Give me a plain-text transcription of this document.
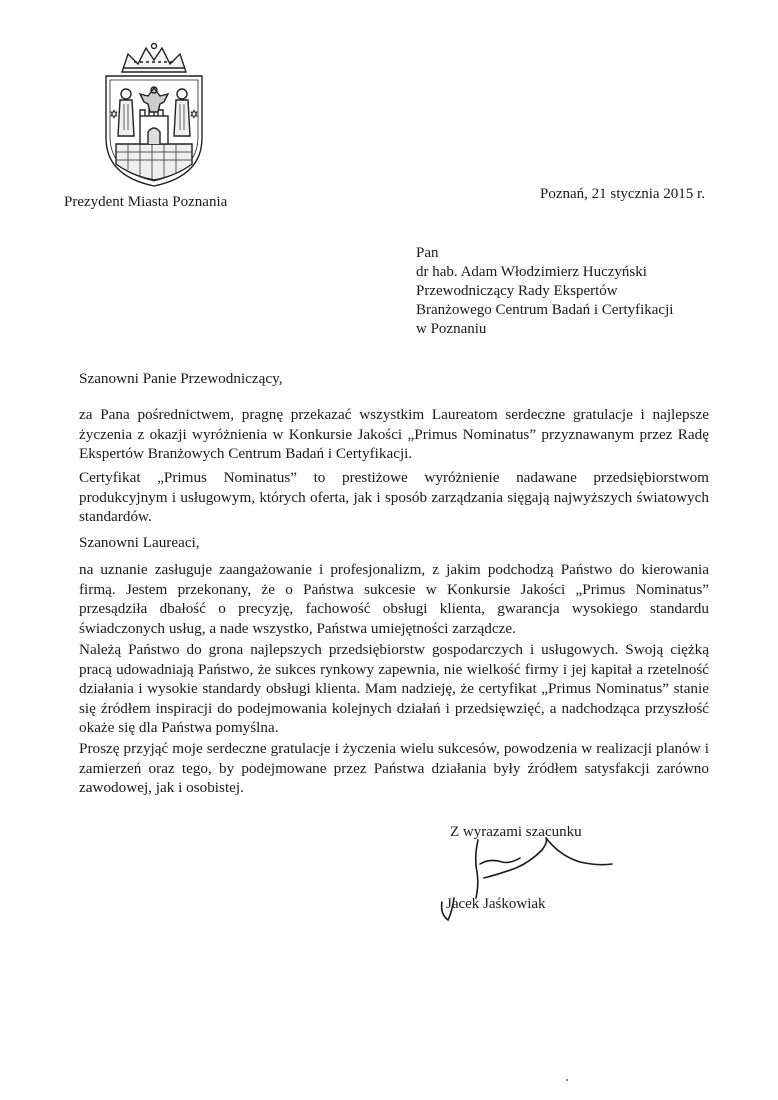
Prezydent Miasta Poznania	Poznań, 21 stycznia 2015 r.
Pan
dr hab. Adam Włodzimierz Huczyński
Przewodniczący Rady Ekspertów
Branżowego Centrum Badań i Certyfikacji
w Poznaniu
Szanowni Panie Przewodniczący,
za Pana pośrednictwem, pragnę przekazać wszystkim Laureatom serdeczne gratulacje i najlepsze życzenia z okazji wyróżnienia w Konkursie Jakości „Primus Nominatus” przyznawanym przez Radę Ekspertów Branżowych Centrum Badań i Certyfikacji.
Certyfikat „Primus Nominatus” to prestiżowe wyróżnienie nadawane przedsiębiorstwom produkcyjnym i usługowym, których oferta, jak i sposób zarządzania sięgają najwyższych światowych standardów.
Szanowni Laureaci,
na uznanie zasługuje zaangażowanie i profesjonalizm, z jakim podchodzą Państwo do kierowania firmą. Jestem przekonany, że o Państwa sukcesie w Konkursie Jakości „Primus Nominatus” przesądziła dbałość o precyzję, fachowość obsługi klienta, gwarancja wysokiego standardu świadczonych usług, a nade wszystko, Państwa umiejętności zarządcze.
Należą Państwo do grona najlepszych przedsiębiorstw gospodarczych i usługowych. Swoją ciężką pracą udowadniają Państwo, że sukces rynkowy zapewnia, nie wielkość firmy i jej kapitał a rzetelność działania i wysokie standardy obsługi klienta. Mam nadzieję, że certyfikat „Primus Nominatus” stanie się źródłem inspiracji do podejmowania kolejnych działań i przedsięwzięć, a nadchodząca przyszłość okaże się dla Państwa pomyślna.
Proszę przyjąć moje serdeczne gratulacje i życzenia wielu sukcesów, powodzenia w realizacji planów i zamierzeń oraz tego, by podejmowane przez Państwa działania były źródłem satysfakcji zarówno zawodowej, jak i osobistej.
Z wyrazami szacunku
Jacek Jaśkowiak
